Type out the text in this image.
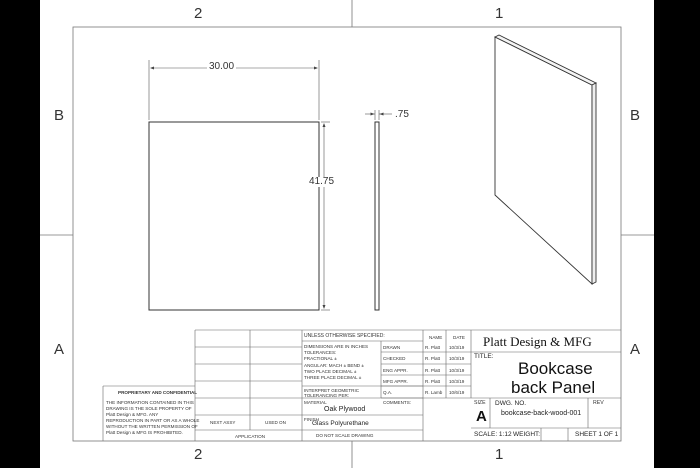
2	1
2	1
B
A
B
A
30.00
41.75
.75
UNLESS OTHERWISE SPECIFIED:
DIMENSIONS ARE IN INCHES
TOLERANCES:
FRACTIONAL ±
ANGULAR: MACH ± BEND ±
TWO PLACE DECIMAL ±
THREE PLACE DECIMAL ±
INTERPRET GEOMETRIC
TOLERANCING PER:
MATERIAL
Oak Plywood
FINISH
Glass Polyurethane
DO NOT SCALE DRAWING
NAME DATE
DRAWN	R. Platt 10/3/19
CHECKED	R. Platt 10/3/19
ENG APPR.	R. Platt 10/3/19
MFG APPR.	R. Platt 10/3/19
Q.A.	R. Lamb 10/6/19
COMMENTS:
PROPRIETARY AND CONFIDENTIAL
THE INFORMATION CONTAINED IN THIS
DRAWING IS THE SOLE PROPERTY OF
Platt Design & MFG. ANY
REPRODUCTION IN PART OR AS A WHOLE
WITHOUT THE WRITTEN PERMISSION OF
Platt Design & MFG IS PROHIBITED.
NEXT ASSY	USED ON
APPLICATION
Platt Design & MFG
TITLE:
Bookcase
back Panel
SIZE
A
DWG. NO.
bookcase-back-wood-001
REV
SCALE: 1:12 WEIGHT:	SHEET 1 OF 1
